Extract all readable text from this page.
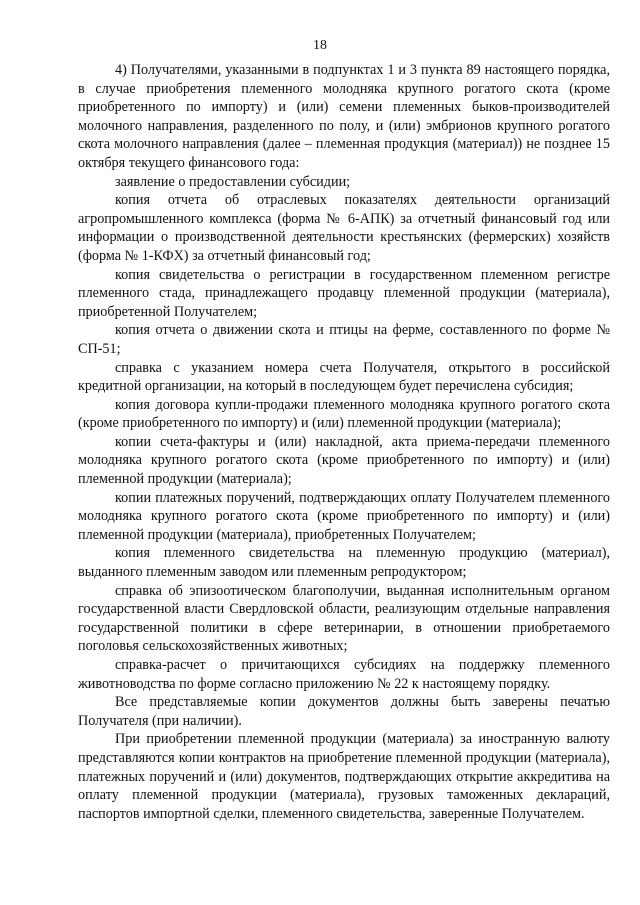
18

4) Получателями, указанными в подпунктах 1 и 3 пункта 89 настоящего порядка, в случае приобретения племенного молодняка крупного рогатого скота (кроме приобретенного по импорту) и (или) семени племенных быков-производителей молочного направления, разделенного по полу, и (или) эмбрионов крупного рогатого скота молочного направления (далее – племенная продукция (материал)) не позднее 15 октября текущего финансового года:

заявление о предоставлении субсидии;

копия отчета об отраслевых показателях деятельности организаций агропромышленного комплекса (форма № 6-АПК) за отчетный финансовый год или информации о производственной деятельности крестьянских (фермерских) хозяйств (форма № 1-КФХ) за отчетный финансовый год;

копия свидетельства о регистрации в государственном племенном регистре племенного стада, принадлежащего продавцу племенной продукции (материала), приобретенной Получателем;

копия отчета о движении скота и птицы на ферме, составленного по форме № СП-51;

справка с указанием номера счета Получателя, открытого в российской кредитной организации, на который в последующем будет перечислена субсидия;

копия договора купли-продажи племенного молодняка крупного рогатого скота (кроме приобретенного по импорту) и (или) племенной продукции (материала);

копии счета-фактуры и (или) накладной, акта приема-передачи племенного молодняка крупного рогатого скота (кроме приобретенного по импорту) и (или) племенной продукции (материала);

копии платежных поручений, подтверждающих оплату Получателем племенного молодняка крупного рогатого скота (кроме приобретенного по импорту) и (или) племенной продукции (материала), приобретенных Получателем;

копия племенного свидетельства на племенную продукцию (материал), выданного племенным заводом или племенным репродуктором;

справка об эпизоотическом благополучии, выданная исполнительным органом государственной власти Свердловской области, реализующим отдельные направления государственной политики в сфере ветеринарии, в отношении приобретаемого поголовья сельскохозяйственных животных;

справка-расчет о причитающихся субсидиях на поддержку племенного животноводства по форме согласно приложению № 22 к настоящему порядку.

Все представляемые копии документов должны быть заверены печатью Получателя (при наличии).

При приобретении племенной продукции (материала) за иностранную валюту представляются копии контрактов на приобретение племенной продукции (материала), платежных поручений и (или) документов, подтверждающих открытие аккредитива на оплату племенной продукции (материала), грузовых таможенных деклараций, паспортов импортной сделки, племенного свидетельства, заверенные Получателем.
